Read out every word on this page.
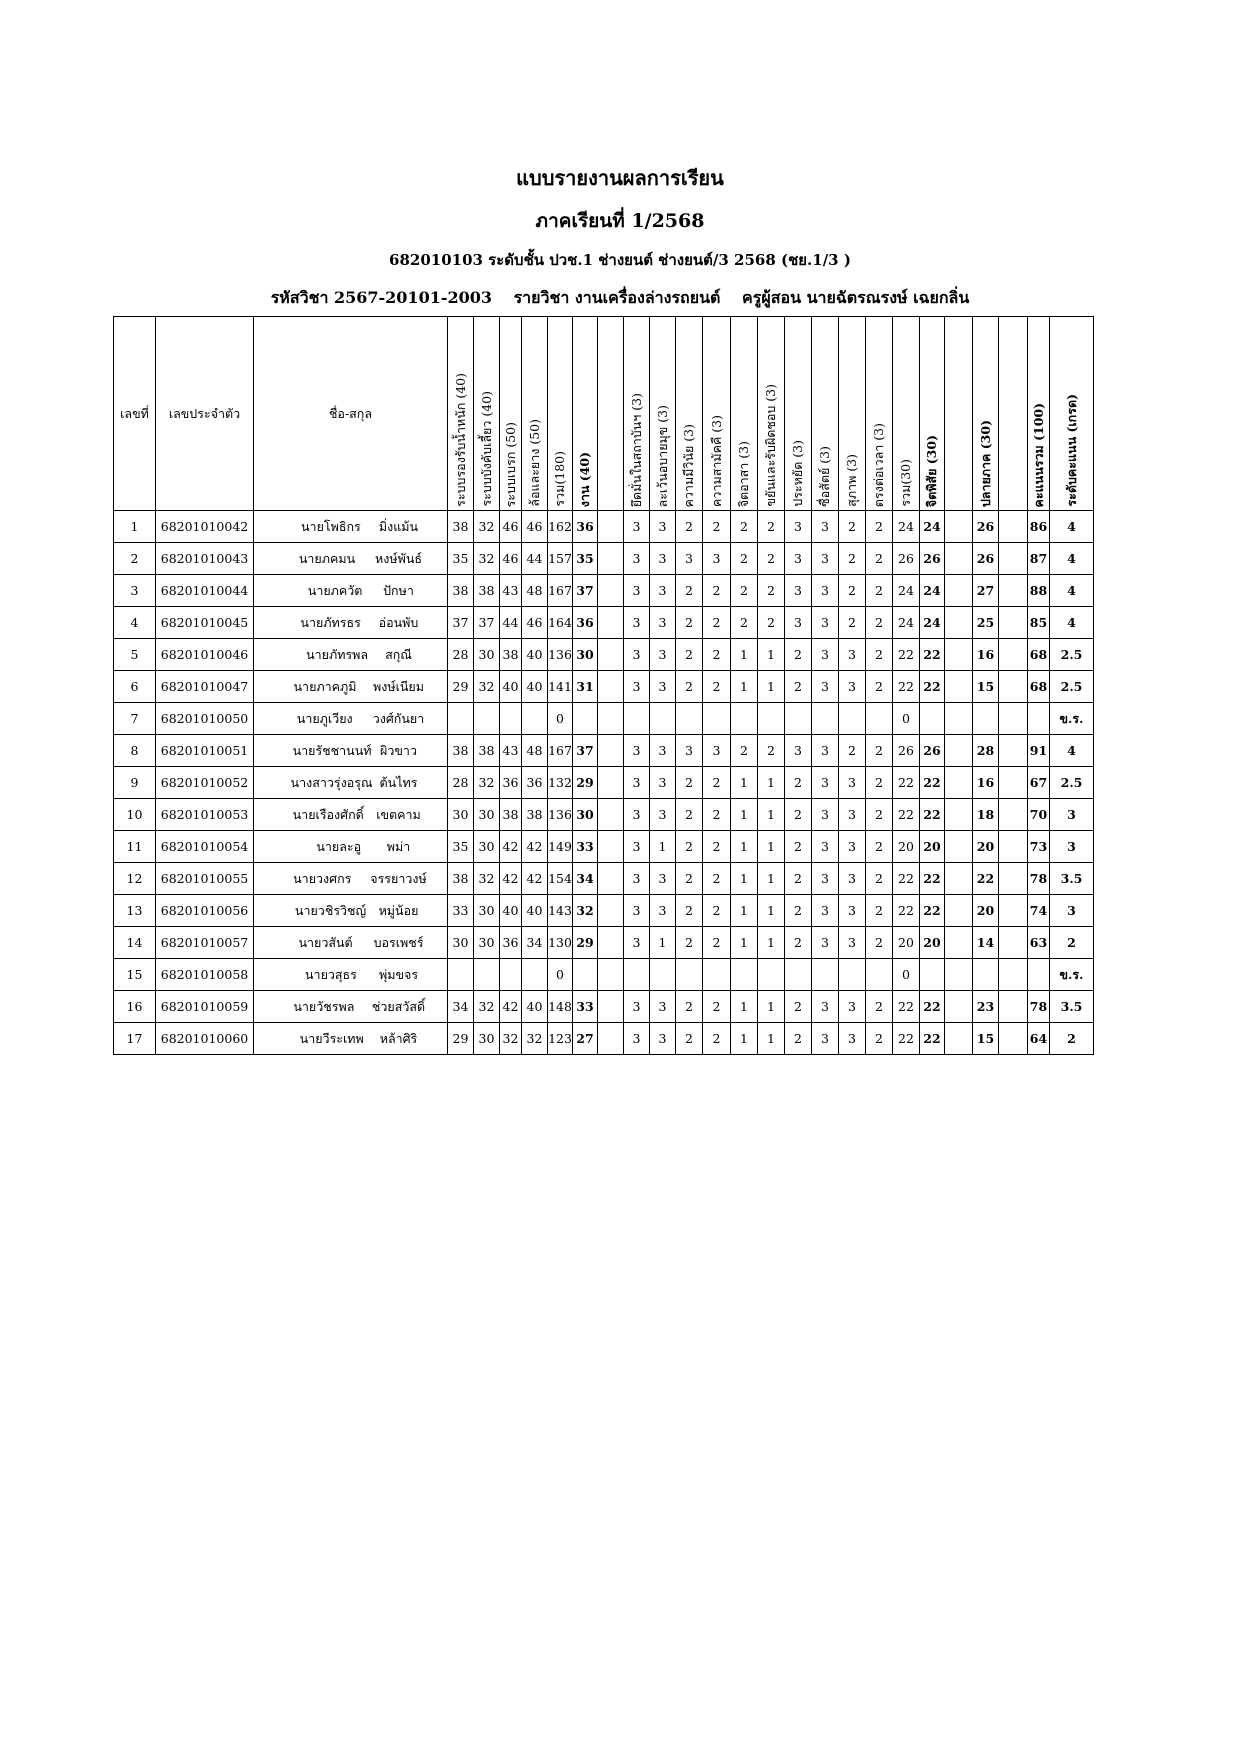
แบบรายงานผลการเรียน
ภาคเรียนที่ 1/2568
682010103 ระดับชั้น ปวช.1 ช่างยนต์ ช่างยนต์/3 2568 (ชย.1/3 )
รหัสวิชา 2567-20101-2003 รายวิชา งานเครื่องล่างรถยนต์ ครูผู้สอน นายฉัตรณรงษ์ เฉยกลิ่น
เลขที่	เลขประจำตัว	ชื่อ-สกุล	ระบบรองรับน้ำหนัก (40)	ระบบบังคับเลี้ยว (40)	ระบบเบรก (50)	ล้อและยาง (50)	รวม(180)	งาน (40)		ยึดมั่นในสถาบันฯ (3)	ละเว้นอบายมุข (3)	ความมีวินัย (3)	ความสามัคคี (3)	จิตอาสา (3)	ขยันและรับผิดชอบ (3)	ประหยัด (3)	ซื่อสัตย์ (3)	สุภาพ (3)	ตรงต่อเวลา (3)	รวม(30)	จิตพิสัย (30)		ปลายภาค (30)		คะแนนรวม (100)	ระดับคะแนน (เกรด)
1	68201010042	นายโพธิกร มิ่งแม้น	38	32	46	46	162	36		3	3	2	2	2	2	3	3	2	2	24	24		26		86	4
2	68201010043	นายภคมน หงษ์พันธ์	35	32	46	44	157	35		3	3	3	3	2	2	3	3	2	2	26	26		26		87	4
3	68201010044	นายภควัต ปักษา	38	38	43	48	167	37		3	3	2	2	2	2	3	3	2	2	24	24		27		88	4
4	68201010045	นายภัทรธร อ่อนพับ	37	37	44	46	164	36		3	3	2	2	2	2	3	3	2	2	24	24		25		85	4
5	68201010046	นายภัทรพล สกุณี	28	30	38	40	136	30		3	3	2	2	1	1	2	3	3	2	22	22		16		68	2.5
6	68201010047	นายภาคภูมิ พงษ์เนียม	29	32	40	40	141	31		3	3	2	2	1	1	2	3	3	2	22	22		15		68	2.5
7	68201010050	นายภูเวียง วงศ์กันยา					0													0						ข.ร.
8	68201010051	นายรัชชานนท์ ผิวขาว	38	38	43	48	167	37		3	3	3	3	2	2	3	3	2	2	26	26		28		91	4
9	68201010052	นางสาวรุ่งอรุณ ต้นไทร	28	32	36	36	132	29		3	3	2	2	1	1	2	3	3	2	22	22		16		67	2.5
10	68201010053	นายเรืองศักดิ์ เขตคาม	30	30	38	38	136	30		3	3	2	2	1	1	2	3	3	2	22	22		18		70	3
11	68201010054	นายละอู พม่า	35	30	42	42	149	33		3	1	2	2	1	1	2	3	3	2	20	20		20		73	3
12	68201010055	นายวงศกร จรรยาวงษ์	38	32	42	42	154	34		3	3	2	2	1	1	2	3	3	2	22	22		22		78	3.5
13	68201010056	นายวชิรวิชญ์ หมู่น้อย	33	30	40	40	143	32		3	3	2	2	1	1	2	3	3	2	22	22		20		74	3
14	68201010057	นายวสันต์ บอรเพชร์	30	30	36	34	130	29		3	1	2	2	1	1	2	3	3	2	20	20		14		63	2
15	68201010058	นายวสุธร พุ่มขจร					0													0						ข.ร.
16	68201010059	นายวัชรพล ช่วยสวัสดิ์	34	32	42	40	148	33		3	3	2	2	1	1	2	3	3	2	22	22		23		78	3.5
17	68201010060	นายวีระเทพ หล้าศิริ	29	30	32	32	123	27		3	3	2	2	1	1	2	3	3	2	22	22		15		64	2
